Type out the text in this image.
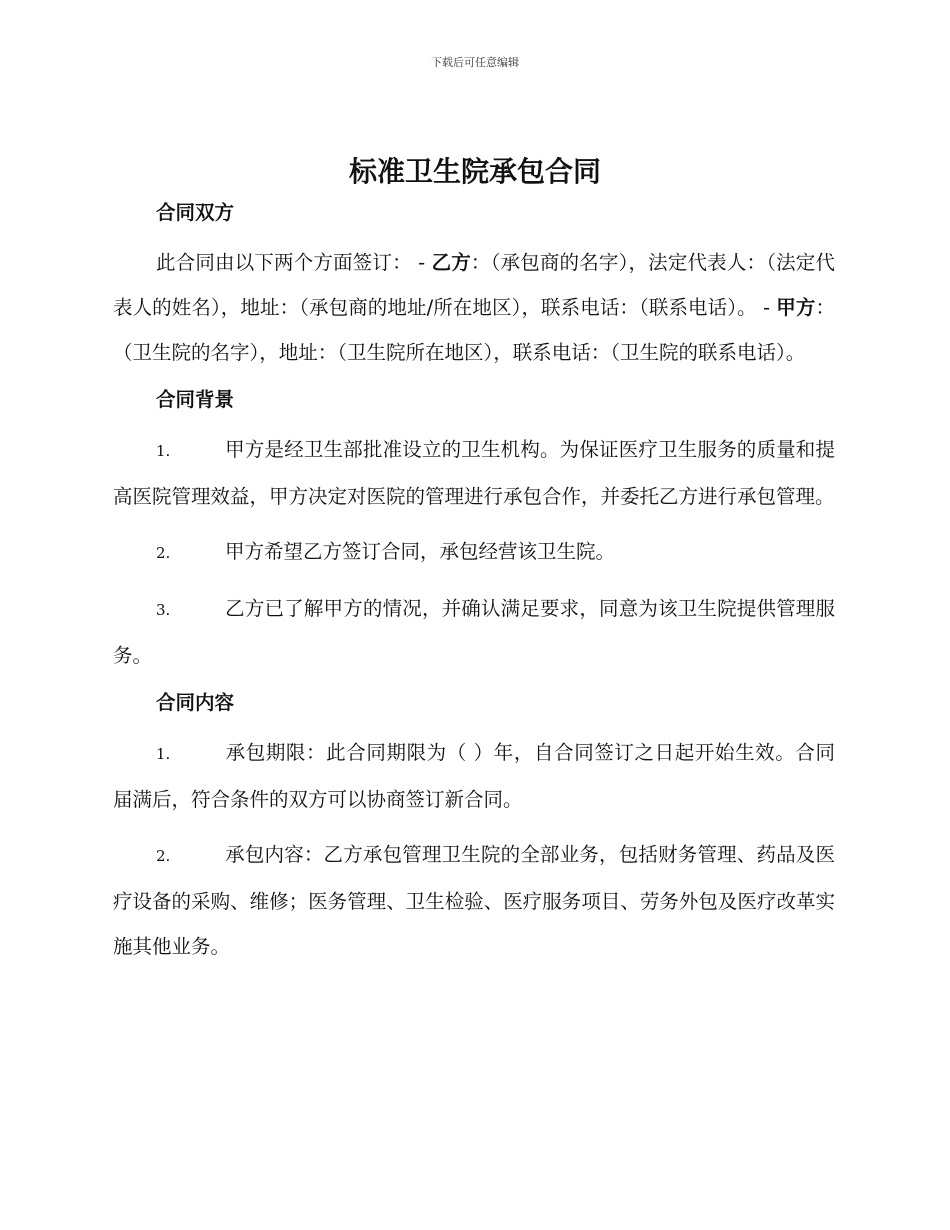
下载后可任意编辑
标准卫生院承包合同

合同双方

此合同由以下两个方面签订： - 乙方：（承包商的名字），法定代表人：（法定代表人的姓名），地址：（承包商的地址/所在地区），联系电话：（联系电话）。 - 甲方：（卫生院的名字），地址：（卫生院所在地区），联系电话：（卫生院的联系电话）。

合同背景

1.	甲方是经卫生部批准设立的卫生机构。为保证医疗卫生服务的质量和提高医院管理效益，甲方决定对医院的管理进行承包合作，并委托乙方进行承包管理。

2.	甲方希望乙方签订合同，承包经营该卫生院。

3.	乙方已了解甲方的情况，并确认满足要求，同意为该卫生院提供管理服务。

合同内容

1.	承包期限：此合同期限为（ ）年，自合同签订之日起开始生效。合同届满后，符合条件的双方可以协商签订新合同。

2.	承包内容：乙方承包管理卫生院的全部业务，包括财务管理、药品及医疗设备的采购、维修；医务管理、卫生检验、医疗服务项目、劳务外包及医疗改革实施其他业务。
